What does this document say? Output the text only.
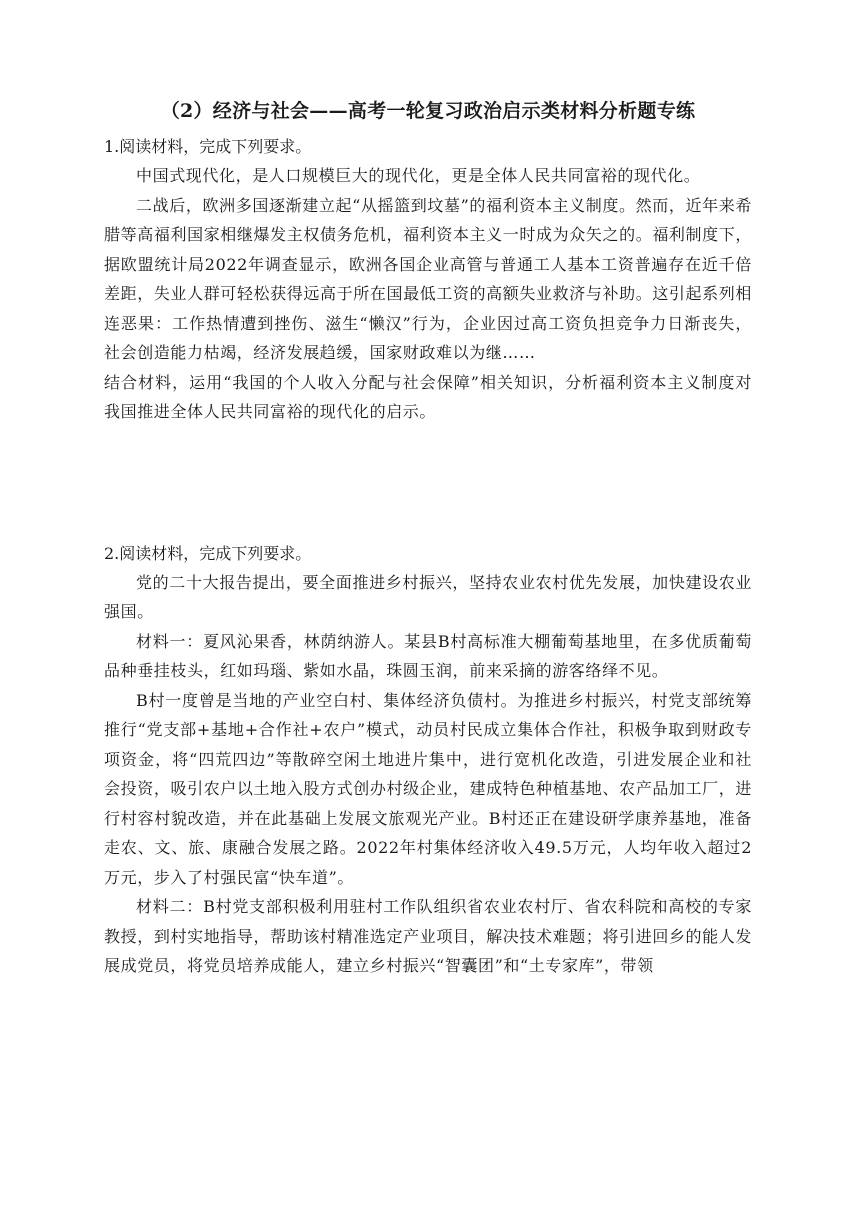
（2）经济与社会——高考一轮复习政治启示类材料分析题专练

1.阅读材料，完成下列要求。

中国式现代化，是人口规模巨大的现代化，更是全体人民共同富裕的现代化。

二战后，欧洲多国逐渐建立起“从摇篮到坟墓”的福利资本主义制度。然而，近年来希腊等高福利国家相继爆发主权债务危机，福利资本主义一时成为众矢之的。福利制度下，据欧盟统计局2022年调查显示，欧洲各国企业高管与普通工人基本工资普遍存在近千倍差距，失业人群可轻松获得远高于所在国最低工资的高额失业救济与补助。这引起系列相连恶果：工作热情遭到挫伤、滋生“懒汉”行为，企业因过高工资负担竞争力日渐丧失，社会创造能力枯竭，经济发展趋缓，国家财政难以为继……

结合材料，运用“我国的个人收入分配与社会保障”相关知识，分析福利资本主义制度对我国推进全体人民共同富裕的现代化的启示。

2.阅读材料，完成下列要求。

党的二十大报告提出，要全面推进乡村振兴，坚持农业农村优先发展，加快建设农业强国。

材料一：夏风沁果香，林荫纳游人。某县B村高标准大棚葡萄基地里，在多优质葡萄品种垂挂枝头，红如玛瑙、紫如水晶，珠圆玉润，前来采摘的游客络绎不见。

B村一度曾是当地的产业空白村、集体经济负债村。为推进乡村振兴，村党支部统筹推行“党支部+基地+合作社+农户”模式，动员村民成立集体合作社，积极争取到财政专项资金，将“四荒四边”等散碎空闲土地进片集中，进行宽机化改造，引进发展企业和社会投资，吸引农户以土地入股方式创办村级企业，建成特色种植基地、农产品加工厂，进行村容村貌改造，并在此基础上发展文旅观光产业。B村还正在建设研学康养基地，准备走农、文、旅、康融合发展之路。2022年村集体经济收入49.5万元，人均年收入超过2万元，步入了村强民富“快车道”。

材料二：B村党支部积极利用驻村工作队组织省农业农村厅、省农科院和高校的专家教授，到村实地指导，帮助该村精准选定产业项目，解决技术难题；将引进回乡的能人发展成党员，将党员培养成能人，建立乡村振兴“智囊团”和“土专家库”，带领
